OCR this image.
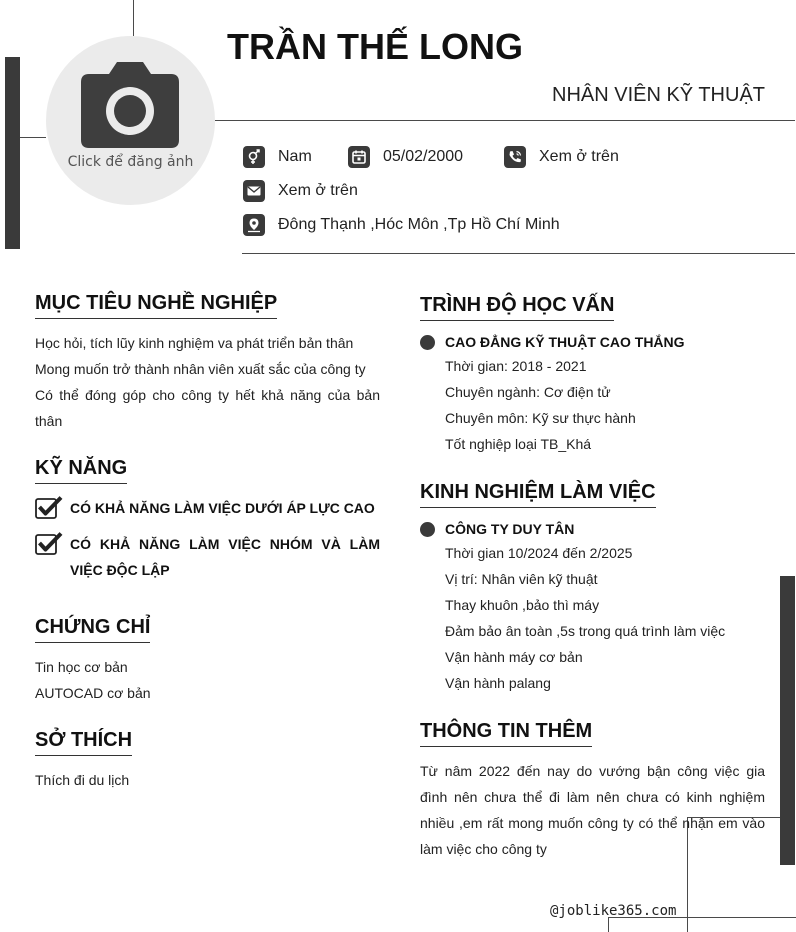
Click để đăng ảnh
TRẦN THẾ LONG
NHÂN VIÊN KỸ THUẬT
Nam	05/02/2000	Xem ở trên
Xem ở trên
Đông Thạnh ,Hóc Môn ,Tp Hồ Chí Minh
MỤC TIÊU NGHỀ NGHIỆP
Học hỏi, tích lũy kinh nghiệm va phát triển bản thân
Mong muốn trở thành nhân viên xuất sắc của công ty
Có thể đóng góp cho công ty hết khả năng của bản thân
KỸ NĂNG
CÓ KHẢ NĂNG LÀM VIỆC DƯỚI ÁP LỰC CAO
CÓ KHẢ NĂNG LÀM VIỆC NHÓM VÀ LÀM VIỆC ĐỘC LẬP
CHỨNG CHỈ
Tin học cơ bản
AUTOCAD cơ bản
SỞ THÍCH
Thích đi du lịch
TRÌNH ĐỘ HỌC VẤN
CAO ĐẲNG KỸ THUẬT CAO THẮNG
Thời gian: 2018 - 2021
Chuyên ngành: Cơ điện tử
Chuyên môn: Kỹ sư thực hành
Tốt nghiệp loại TB_Khá
KINH NGHIỆM LÀM VIỆC
CÔNG TY DUY TÂN
Thời gian 10/2024 đến 2/2025
Vị trí: Nhân viên kỹ thuật
Thay khuôn ,bảo thì máy
Đảm bảo ân toàn ,5s trong quá trình làm việc
Vận hành máy cơ bản
Vận hành palang
THÔNG TIN THÊM
Từ nâm 2022 đến nay do vướng bận công việc gia đình nên chưa thể đi làm nên chưa có kinh nghiệm nhiều ,em rất mong muốn công ty có thể nhận em vào làm việc cho công ty
@joblike365.com
